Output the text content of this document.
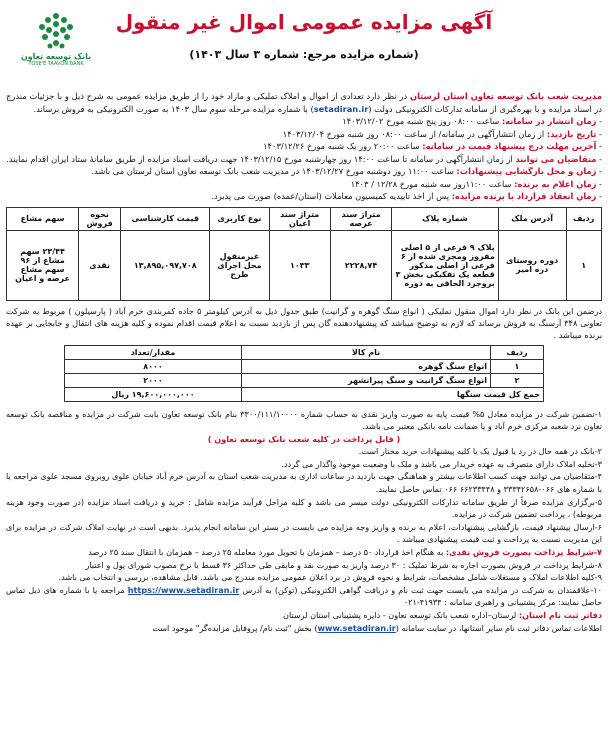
بانک توسعه تعاون
TOSE'E TAAVON BANK
آگهی مزایده عمومی اموال غیر منقول
(شماره مزایده مرجع: شماره ۳ سال ۱۴۰۳)
مدیریت شعب بانک توسعه تعاون استان لرستان در نظر دارد تعدادی از اموال و املاک تملیکی و مازاد خود را از طریق مزایده عمومی به شرح ذیل و با جزئیات مندرج در اسناد مزایده و با بهره‌گیری از سامانه تدارکات الکترونیکی دولت (setadiran.ir) با شماره مزایده مرحله سوم سال ۱۴۰۳ به صورت الکترونیکی به فروش برساند.
- زمان انتشار در سامانه: ساعت ۰۸:۰۰ روز پنج شنبه مورخ ۱۴۰۳/۱۲/۰۲
- تاریخ بازدید: از زمان انتشارآگهی در سامانه/ از ساعت ۰۸:۰۰ روز شنبه مورخ ۱۴۰۳/۱۲/۰۴
- آخرین مهلت درج پیشنهاد قیمت در سامانه: ساعت ۲۰:۰۰ روز یک شنبه مورخ ۱۴۰۳/۱۲/۲۶
- متقاضیان می توانند از زمان انتشارآگهی در سامانه تا ساعت ۱۴:۰۰ روز چهارشنبه مورخ ۱۴۰۳/۱۲/۱۵ جهت دریافت اسناد مزایده از طریق سامانهٔ ستاد ایران اقدام نمایند.
- زمان و محل بازگشایی پیشنهادات: ساعت ۱۱:۰۰ روز دوشنبه مورخ ۱۴۰۳/۱۲/۲۷ در مدیریت شعب بانک توسعه تعاون استان لرستان می باشد.
- زمان اعلام به برنده: ساعت ۱۱:۰۰روز سه شنبه مورخ ۱۲/۲۸ / ۱۴۰۳
- زمان انعقاد قرارداد با برنده مزایده: پس از اخذ تاییدیه کمیسیون معاملات (استان/عمده) صورت می پذیرد.
ردیف	آدرس ملک	شماره پلاک	متراژ سند عرصه	متراژ سند اعیان	نوع کاربری	قیمت کارشناسی	نحوه فروش	سهم مشاع
۱	دوره روستای دره امیر	پلاک ۹ فرعی از ۵ اصلی مفروز ومجزی شده از ۶ فرعی از اصلی مذکور قطعه یک تفکیکی بخش ۳ بروجرد الحاقی به دوره	۲۲۲۸,۷۴	۱۰۳۳	غیرمنقول محل اجرای طرح	۱۳,۸۹۵,۰۹۷,۷۰۸	نقدی	۲۳/۴۴ سهم مشاع از ۹۶ سهم مشاع عرصه و اعیان
درضمن این بانک در نظر دارد اموال منقول تملیکی ( انواع سنگ گوهره و گرانیت) طبق جدول ذیل به آدرس کیلومتر ۵ جاده کمربندی خرم آباد ( پارسیلون ) مربوط به شرکت تعاونی ۳۴۸ آرسنگ به فروش برساند که لازم به توضیح میباشد که پیشنهاددهنده گان پس از بازدید نسبت به اعلام قیمت اقدام نموده و کلیه هزینه های انتقال و جابجایی بر عهده برنده میباشد .
ردیف	نام کالا	مقدار/تعداد
۱	انواع سنگ گوهره	۸۰۰۰
۲	انواع سنگ گرانیت و سنگ پیرانشهر	۲۰۰۰
جمع کل قیمت سنگها		۱۹,۶۰۰,۰۰۰,۰۰۰ ریال
۱-تضمین شرکت در مزایده معادل ۵% قیمت پایه به صورت واریز نقدی به حساب شماره ۳۳۰۰/۱۱۱/۱۰۰۰۰ بنام بانک توسعه تعاون بابت شرکت در مزایده و مناقصه بانک توسعه تعاون نزد شعبه مرکزی خرم آباد و یا ضمانت نامه بانکی معتبر می باشد.
( قابل پرداخت در کلیه شعب بانک توسعه تعاون )
۲-بانک در همه حال در رد یا قبول یک یا کلیه پیشنهادات خرید مختار است.
۳-تخلیه املاک دارای متصرف به عهده خریدار می باشد و ملک با وضعیت موجود واگذار می گردد.
۴-متقاضیان می توانند جهت کسب اطلاعات بیشتر و هماهنگی جهت بازدید در ساعات اداری به مدیریت شعب استان به آدرس خرم آباد خیابان علوی روبروی مسجد علوی مراجعه یا با شماره های ۰۶۶-۳۳۳۴۲۶۵۸ و ۶۶۲۳۳۴۴۸ ۰۶۶ تماس حاصل نمایند.
۵-برگزاری مزایده صرفاً از طریق سامانه تدارکات الکترونیکی دولت میسر می باشد و کلیه مراحل فرآیند مزایده شامل : خرید و دریافت اسناد مزایده (در صورت وجود هزینه مربوطه) ، پرداخت تضمین شرکت در مزایده.
۶-ارسال پیشنهاد قیمت، بازگشایی پیشنهادات، اعلام به برنده و واریز وجه مزایده می بایست در بستر این سامانه انجام پذیرد. بدیهی است در نهایت املاک شرکت در مزایده برای این مدیریت نسبت به پرداخت و ثبت قیمت پیشنهادی میباشد .
۷-شرایط پرداخت بصورت فروش نقدی: به هنگام اخذ قرارداد ۵۰ درصد – همزمان با تحویل مورد معامله ۲۵ درصد – همزمان با انتقال سند ۲۵ درصد
۸-شرایط پرداخت در فروش بصورت اجاره به شرط تملیک : ۳۰ درصد واریز به صورت نقد و مابقی طی حداکثر ۳۶ قسط با نرخ مصوب شورای پول و اعتبار
۹-کلیه اطلاعات املاک و مستغلات شامل مشخصات، شرایط و نحوه فروش در برد اعلان عمومی مزایده مندرج می باشد. قابل مشاهده، بررسی و انتخاب می باشد.
۱۰-علاقمندان به شرکت در مزایده می بایست جهت ثبت نام و دریافت گواهی الکترونیکی (توکن) به آدرس https://www.setadiran.ir مراجعه یا با شماره های ذیل تماس حاصل نمایند: مرکز پشتیبانی و راهبری سامانه : ۴۱۹۳۴-۰۲۱
دفاتر ثبت نام استان: لرستان–اداره شعب بانک توسعه تعاون - دایره پشتیبانی استان لرستان
اطلاعات تماس دفاتر ثبت نام سایر استانها، در سایت سامانه (www.setadiran.ir) بخش "ثبت نام/ پروفایل مزایده‌گر" موجود است
